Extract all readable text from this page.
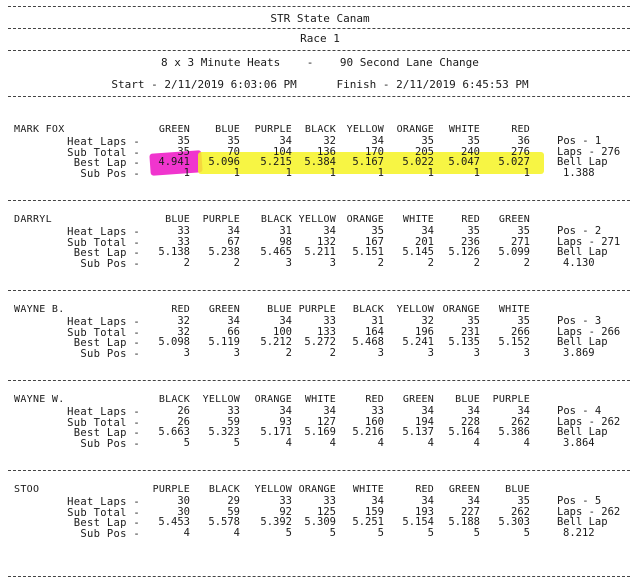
STR State Canam
Race 1
8 x 3 Minute Heats    -    90 Second Lane Change
Start - 2/11/2019 6:03:06 PM      Finish - 2/11/2019 6:45:53 PM
MARK FOX	GREEN	BLUE	PURPLE	BLACK	YELLOW	ORANGE	WHITE	RED
Heat Laps -	35	35	34	32	34	35	35	36
Sub Total -	35	70	104	136	170	205	240	276
Best Lap -	4.941	5.096	5.215	5.384	5.167	5.022	5.047	5.027
Sub Pos -	1	1	1	1	1	1	1	1
Pos - 1
Laps - 276
Bell Lap
1.388
DARRYL	BLUE	PURPLE	BLACK YELLOW	ORANGE	WHITE	RED	GREEN
Heat Laps -	33	34	31	34	35	34	35	35
Sub Total -	33	67	98	132	167	201	236	271
Best Lap -	5.138	5.238	5.465	5.211	5.151	5.145	5.126	5.099
Sub Pos -	2	2	3	3	2	2	2	2
Pos - 2
Laps - 271
Bell Lap
4.130
WAYNE B.	RED	GREEN	BLUE PURPLE	BLACK	YELLOW ORANGE	WHITE
Heat Laps -	32	34	34	33	31	32	35	35
Sub Total -	32	66	100	133	164	196	231	266
Best Lap -	5.098	5.119	5.212	5.272	5.468	5.241	5.135	5.152
Sub Pos -	3	3	2	2	3	3	3	3
Pos - 3
Laps - 266
Bell Lap
3.869
WAYNE W.	BLACK	YELLOW	ORANGE	WHITE	RED	GREEN	BLUE	PURPLE
Heat Laps -	26	33	34	34	33	34	34	34
Sub Total -	26	59	93	127	160	194	228	262
Best Lap -	5.663	5.323	5.171	5.169	5.216	5.137	5.164	5.386
Sub Pos -	5	5	4	4	4	4	4	4
Pos - 4
Laps - 262
Bell Lap
3.864
STOO	PURPLE	BLACK	YELLOW ORANGE	WHITE	RED	GREEN	BLUE
Heat Laps -	30	29	33	33	34	34	34	35
Sub Total -	30	59	92	125	159	193	227	262
Best Lap -	5.453	5.578	5.392	5.309	5.251	5.154	5.188	5.303
Sub Pos -	4	4	5	5	5	5	5	5
Pos - 5
Laps - 262
Bell Lap
8.212
